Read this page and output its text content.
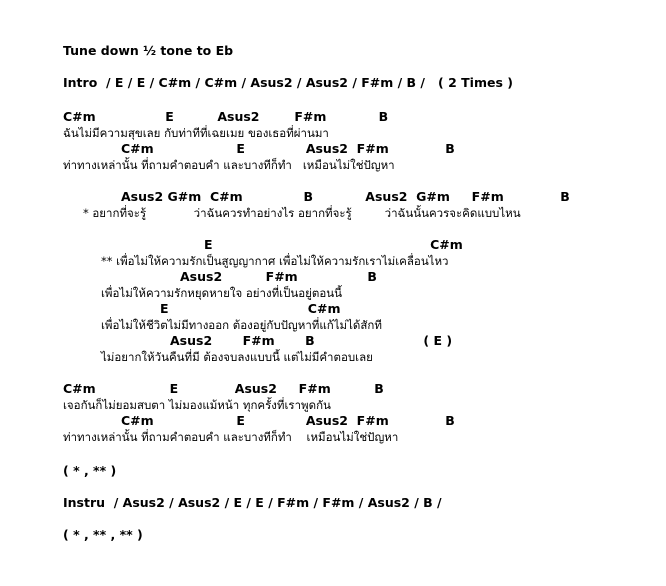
Tune down ½ tone to Eb
Intro  / E / E / C#m / C#m / Asus2 / Asus2 / F#m / B /   ( 2 Times )
C#m                E          Asus2        F#m            B
ฉันไม่มีความสุขเลย กับท่าทีที่เฉยเมย ของเธอที่ผ่านมา
C#m                   E              Asus2  F#m             B
ท่าทางเหล่านั้น ที่ถามคำตอบคำ และบางทีก็ทำ   เหมือนไม่ใช่ปัญหา
Asus2 G#m  C#m              B            Asus2  G#m     F#m             B
* อยากที่จะรู้             ว่าฉันควรทำอย่างไร อยากที่จะรู้         ว่าฉันนั้นควรจะคิดแบบไหน
E                                                  C#m
** เพื่อไม่ให้ความรักเป็นสูญญากาศ เพื่อไม่ให้ความรักเราไม่เคลื่อนไหว
Asus2          F#m                B
เพื่อไม่ให้ความรักหยุดหายใจ อย่างที่เป็นอยู่ตอนนี้
E                                C#m
เพื่อไม่ให้ชีวิตไม่มีทางออก ต้องอยู่กับปัญหาที่แก้ไม่ได้สักที
Asus2       F#m       B                         ( E )
ไม่อยากให้วันคืนที่มี ต้องจบลงแบบนี้ แต่ไม่มีคำตอบเลย
C#m                 E             Asus2     F#m          B
เจอกันก็ไม่ยอมสบตา ไม่มองแม้หน้า ทุกครั้งที่เราพูดกัน
C#m                   E              Asus2  F#m             B
ท่าทางเหล่านั้น ที่ถามคำตอบคำ และบางทีก็ทำ    เหมือนไม่ใช่ปัญหา
( * , ** )
Instru  / Asus2 / Asus2 / E / E / F#m / F#m / Asus2 / B /
( * , ** , ** )
